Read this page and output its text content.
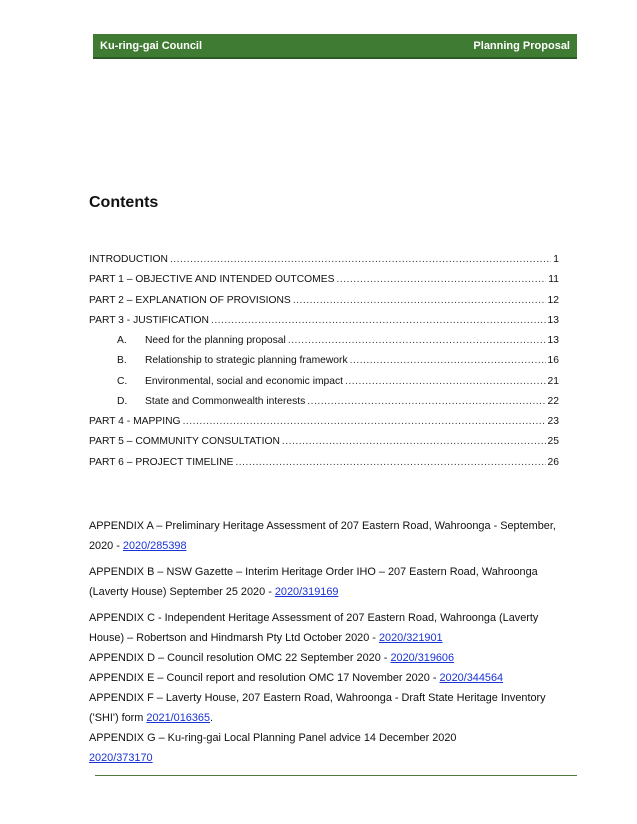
Ku-ring-gai Council	Planning Proposal
Contents
INTRODUCTION .....	1
PART 1 – OBJECTIVE AND INTENDED OUTCOMES .....	11
PART 2 – EXPLANATION OF PROVISIONS .....	12
PART 3 - JUSTIFICATION .....	13
A.	Need for the planning proposal .....	13
B.	Relationship to strategic planning framework .....	16
C.	Environmental, social and economic impact .....	21
D.	State and Commonwealth interests .....	22
PART 4 - MAPPING .....	23
PART 5 – COMMUNITY CONSULTATION .....	25
PART 6 – PROJECT TIMELINE .....	26

APPENDIX A – Preliminary Heritage Assessment of 207 Eastern Road, Wahroonga - September, 2020 - 2020/285398

APPENDIX B – NSW Gazette – Interim Heritage Order IHO – 207 Eastern Road, Wahroonga (Laverty House) September 25 2020 - 2020/319169

APPENDIX C - Independent Heritage Assessment of 207 Eastern Road, Wahroonga (Laverty House) – Robertson and Hindmarsh Pty Ltd October 2020 - 2020/321901

APPENDIX D – Council resolution OMC 22 September 2020 - 2020/319606

APPENDIX E – Council report and resolution OMC 17 November 2020 - 2020/344564

APPENDIX F – Laverty House, 207 Eastern Road, Wahroonga - Draft State Heritage Inventory ('SHI') form 2021/016365.

APPENDIX G – Ku-ring-gai Local Planning Panel advice 14 December 2020
2020/373170
